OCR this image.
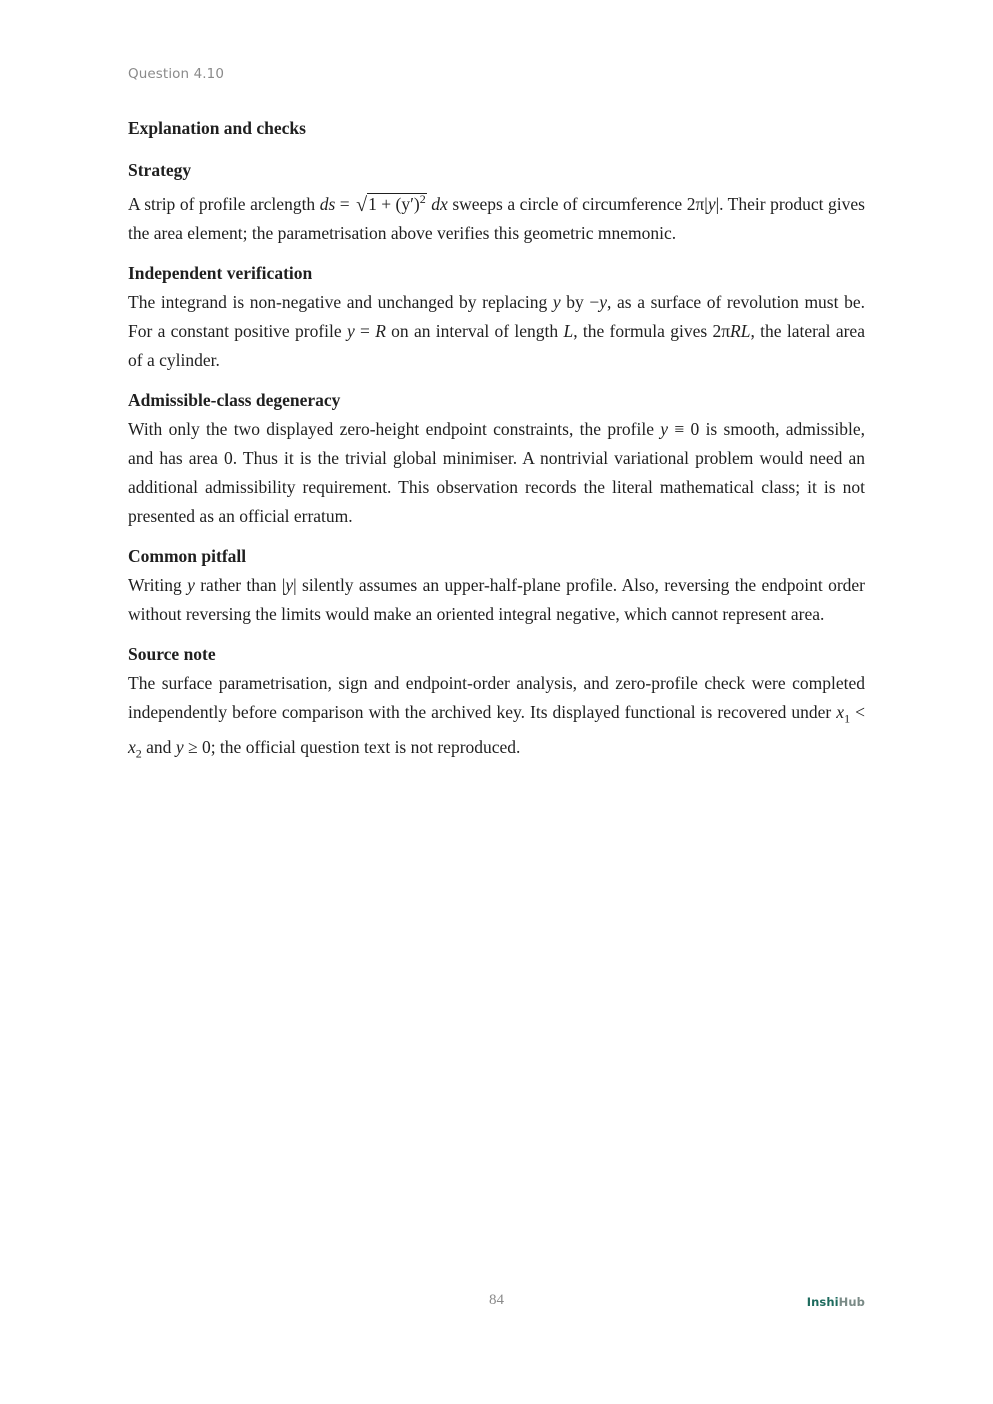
Question 4.10
Explanation and checks
Strategy

A strip of profile arclength ds = $√1 + (y')^2$ dx sweeps a circle of circumference 2π|y|. Their product gives the area element; the parametrisation above verifies this geometric mnemonic.

Independent verification

The integrand is non-negative and unchanged by replacing y by −y, as a surface of revolution must be. For a constant positive profile y = R on an interval of length L, the formula gives 2πRL, the lateral area of a cylinder.

Admissible-class degeneracy

With only the two displayed zero-height endpoint constraints, the profile y ≡ 0 is smooth, admissible, and has area 0. Thus it is the trivial global minimiser. A nontrivial variational problem would need an additional admissibility requirement. This observation records the literal mathematical class; it is not presented as an official erratum.

Common pitfall

Writing y rather than |y| silently assumes an upper-half-plane profile. Also, reversing the endpoint order without reversing the limits would make an oriented integral negative, which cannot represent area.

Source note

The surface parametrisation, sign and endpoint-order analysis, and zero-profile check were completed independently before comparison with the archived key. Its displayed functional is recovered under $x_1 < x_2$ and y ≥ 0; the official question text is not reproduced.

84	InshiHub
